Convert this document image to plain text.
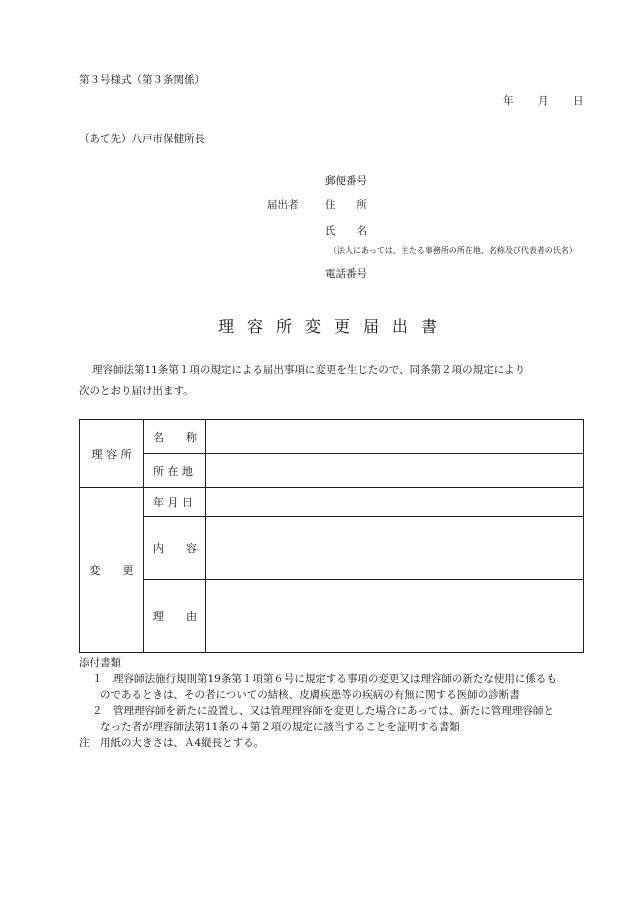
第３号様式（第３条関係）
年 月 日
（あて先）八戸市保健所長
郵便番号
届出者	住　　所
氏　　名
（法人にあっては、主たる事務所の所在地、名称及び代表者の氏名）
電話番号
理容所変更届出書
理容師法第11条第１項の規定による届出事項に変更を生じたので、同条第２項の規定により
次のとおり届け出ます。
理 容 所	名　　称	
	所 在 地	
変　　更	年 月 日	
	内　　容	
	理　　由	
添付書類
１　理容師法施行規則第19条第１項第６号に規定する事項の変更又は理容師の新たな使用に係るも
のであるときは、その者についての結核、皮膚疾患等の疾病の有無に関する医師の診断書
２　管理理容師を新たに設置し、又は管理理容師を変更した場合にあっては、新たに管理理容師と
なった者が理容師法第11条の４第２項の規定に該当することを証明する書類
注　用紙の大きさは、Ａ4縦長とする。
